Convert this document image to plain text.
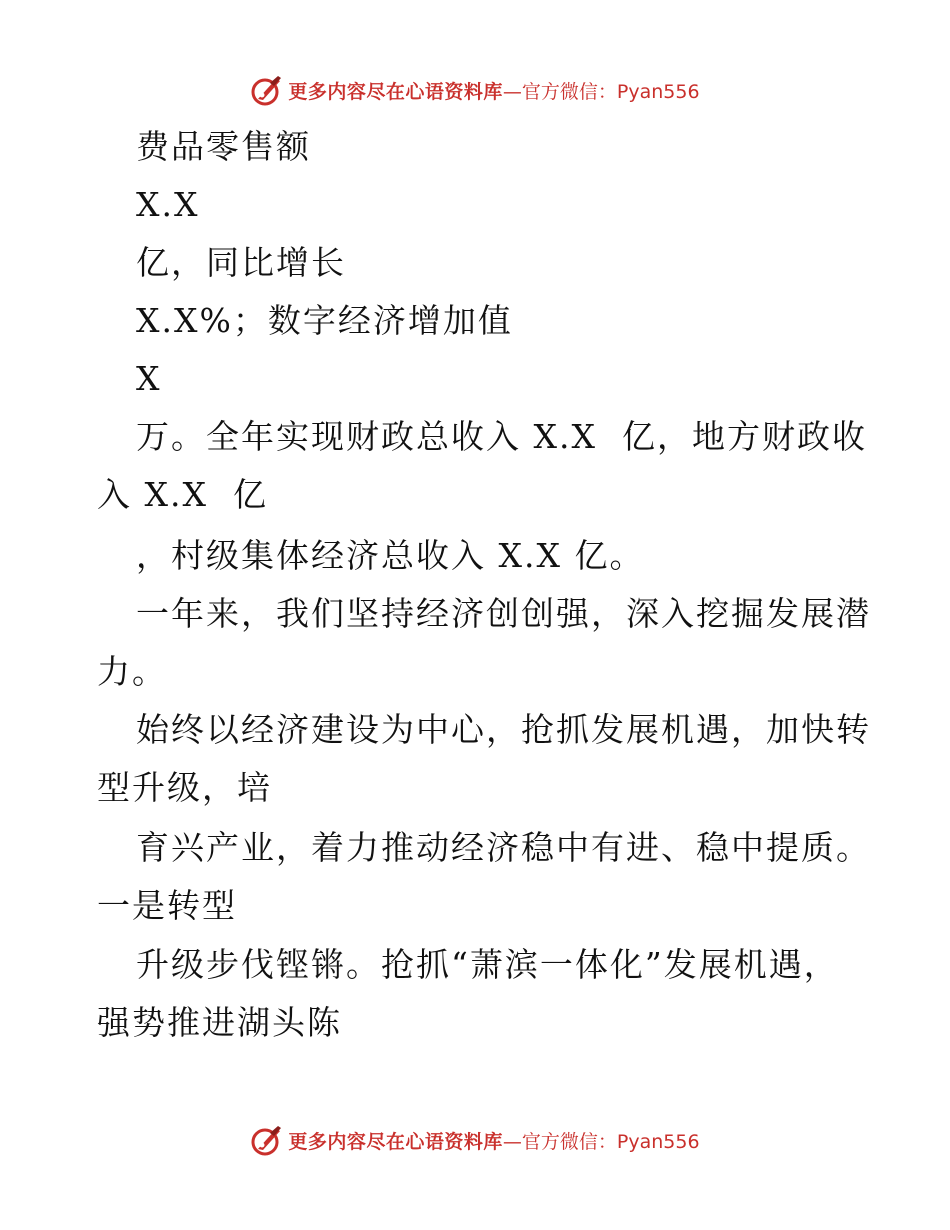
更多内容尽在心语资料库 —官方微信：Pyan556
费品零售额
X.X
亿，同比增长
X.X%；数字经济增加值
X
万。全年实现财政总收入 X.X  亿，地方财政收
入 X.X  亿
，村级集体经济总收入 X.X 亿。
一年来，我们坚持经济创创强，深入挖掘发展潜
力。
始终以经济建设为中心，抢抓发展机遇，加快转
型升级，培
育兴产业，着力推动经济稳中有进、稳中提质。
一是转型
升级步伐铿锵。抢抓“萧滨一体化”发展机遇，
强势推进湖头陈
更多内容尽在心语资料库 —官方微信：Pyan556
